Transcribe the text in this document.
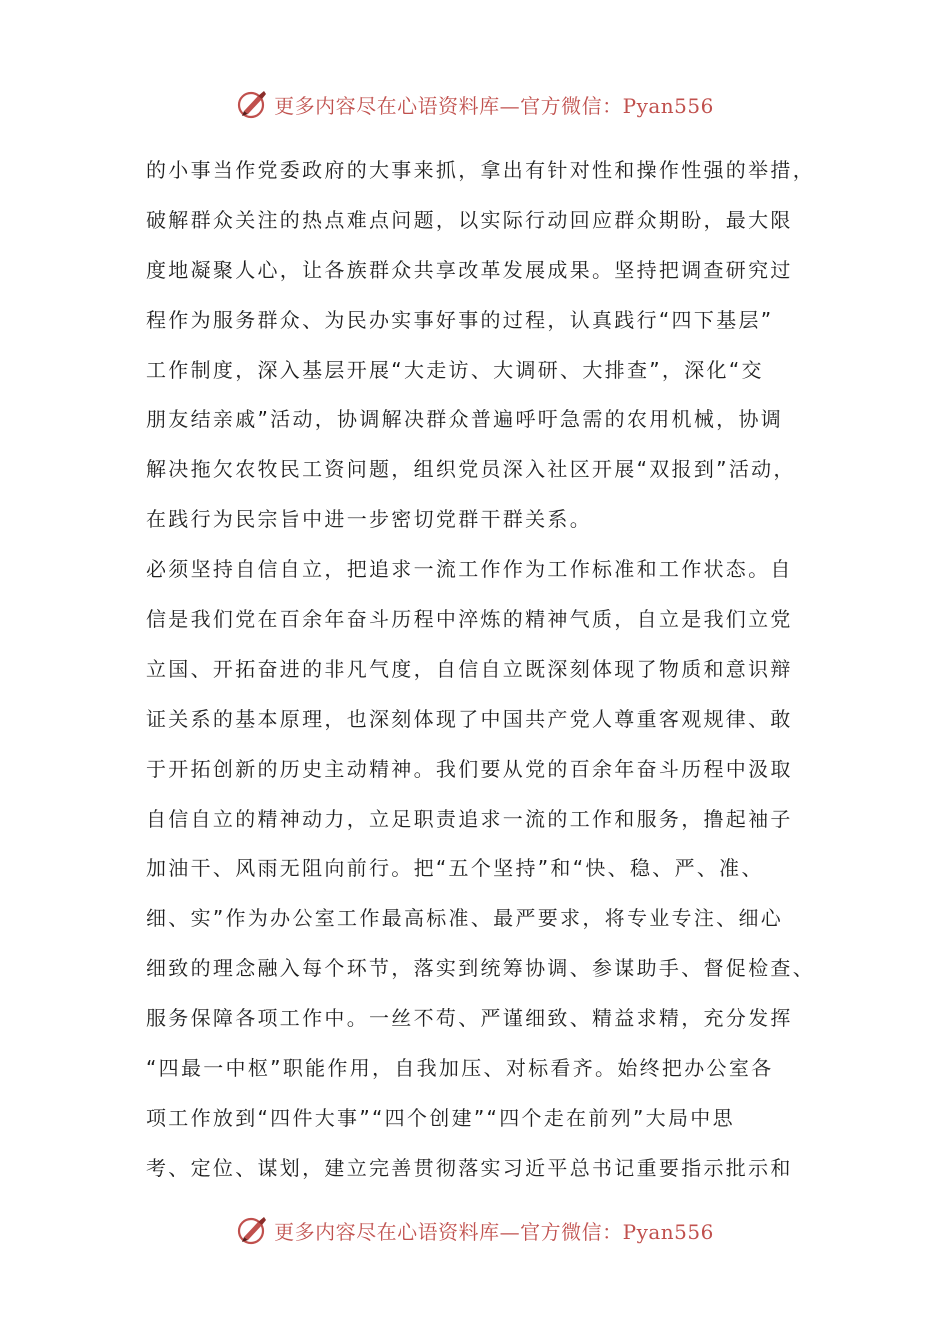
更多内容尽在心语资料库—官方微信：Pyan556
的小事当作党委政府的大事来抓，拿出有针对性和操作性强的举措，
破解群众关注的热点难点问题，以实际行动回应群众期盼，最大限
度地凝聚人心，让各族群众共享改革发展成果。坚持把调查研究过
程作为服务群众、为民办实事好事的过程，认真践行“四下基层”
工作制度，深入基层开展“大走访、大调研、大排查”，深化“交
朋友结亲戚”活动，协调解决群众普遍呼吁急需的农用机械，协调
解决拖欠农牧民工资问题，组织党员深入社区开展“双报到”活动，
在践行为民宗旨中进一步密切党群干群关系。
必须坚持自信自立，把追求一流工作作为工作标准和工作状态。自
信是我们党在百余年奋斗历程中淬炼的精神气质，自立是我们立党
立国、开拓奋进的非凡气度，自信自立既深刻体现了物质和意识辩
证关系的基本原理，也深刻体现了中国共产党人尊重客观规律、敢
于开拓创新的历史主动精神。我们要从党的百余年奋斗历程中汲取
自信自立的精神动力，立足职责追求一流的工作和服务，撸起袖子
加油干、风雨无阻向前行。把“五个坚持”和“快、稳、严、准、
细、实”作为办公室工作最高标准、最严要求，将专业专注、细心
细致的理念融入每个环节，落实到统筹协调、参谋助手、督促检查、
服务保障各项工作中。一丝不苟、严谨细致、精益求精，充分发挥
“四最一中枢”职能作用，自我加压、对标看齐。始终把办公室各
项工作放到“四件大事”“四个创建”“四个走在前列”大局中思
考、定位、谋划，建立完善贯彻落实习近平总书记重要指示批示和
更多内容尽在心语资料库—官方微信：Pyan556
